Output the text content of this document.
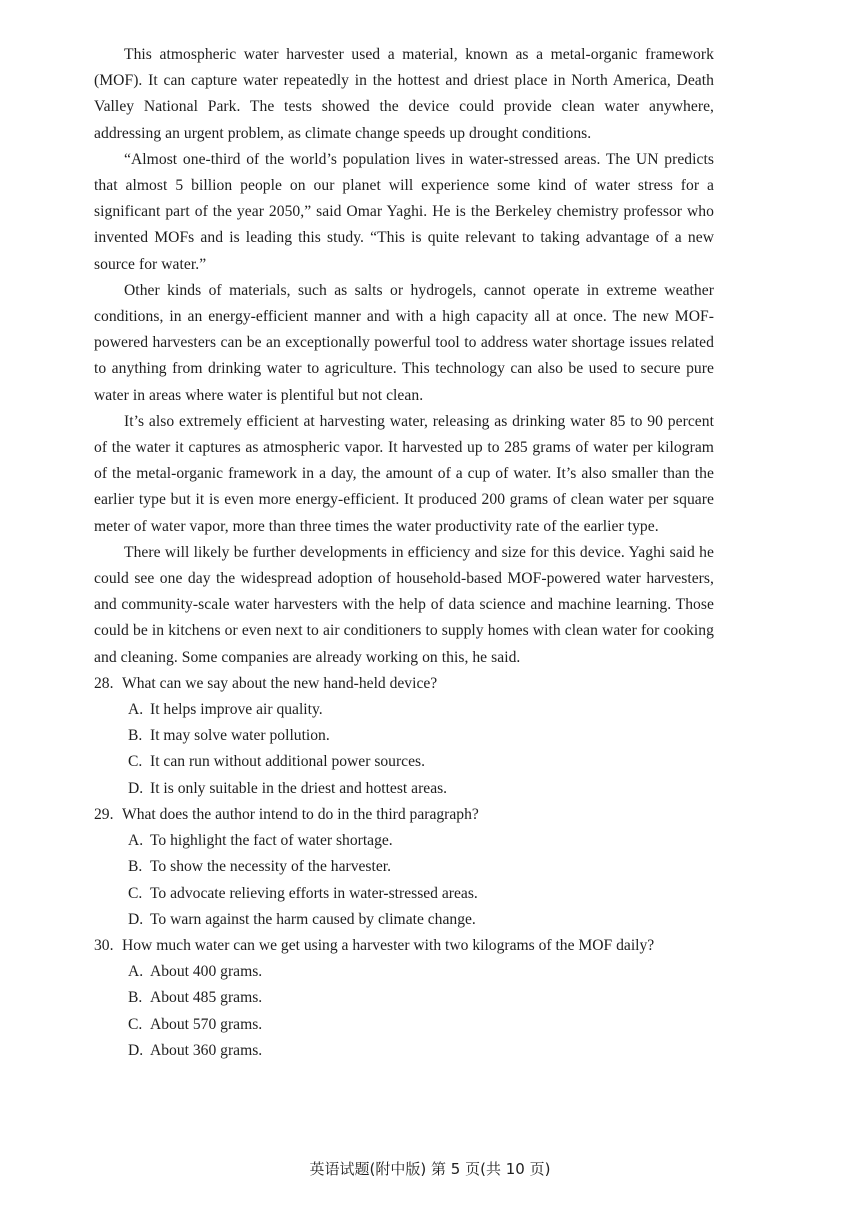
This atmospheric water harvester used a material, known as a metal-organic framework (MOF). It can capture water repeatedly in the hottest and driest place in North America, Death Valley National Park. The tests showed the device could provide clean water anywhere, addressing an urgent problem, as climate change speeds up drought conditions.

“Almost one-third of the world’s population lives in water-stressed areas. The UN predicts that almost 5 billion people on our planet will experience some kind of water stress for a significant part of the year 2050,” said Omar Yaghi. He is the Berkeley chemistry professor who invented MOFs and is leading this study. “This is quite relevant to taking advantage of a new source for water.”

Other kinds of materials, such as salts or hydrogels, cannot operate in extreme weather conditions, in an energy-efficient manner and with a high capacity all at once. The new MOF-powered harvesters can be an exceptionally powerful tool to address water shortage issues related to anything from drinking water to agriculture. This technology can also be used to secure pure water in areas where water is plentiful but not clean.

It’s also extremely efficient at harvesting water, releasing as drinking water 85 to 90 percent of the water it captures as atmospheric vapor. It harvested up to 285 grams of water per kilogram of the metal-organic framework in a day, the amount of a cup of water. It’s also smaller than the earlier type but it is even more energy-efficient. It produced 200 grams of clean water per square meter of water vapor, more than three times the water productivity rate of the earlier type.

There will likely be further developments in efficiency and size for this device. Yaghi said he could see one day the widespread adoption of household-based MOF-powered water harvesters, and community-scale water harvesters with the help of data science and machine learning. Those could be in kitchens or even next to air conditioners to supply homes with clean water for cooking and cleaning. Some companies are already working on this, he said.

28. What can we say about the new hand-held device?

A. It helps improve air quality.

B. It may solve water pollution.

C. It can run without additional power sources.

D. It is only suitable in the driest and hottest areas.

29. What does the author intend to do in the third paragraph?

A. To highlight the fact of water shortage.

B. To show the necessity of the harvester.

C. To advocate relieving efforts in water-stressed areas.

D. To warn against the harm caused by climate change.

30. How much water can we get using a harvester with two kilograms of the MOF daily?

A. About 400 grams.

B. About 485 grams.

C. About 570 grams.

D. About 360 grams.

英语试题(附中版) 第 5 页(共 10 页)
